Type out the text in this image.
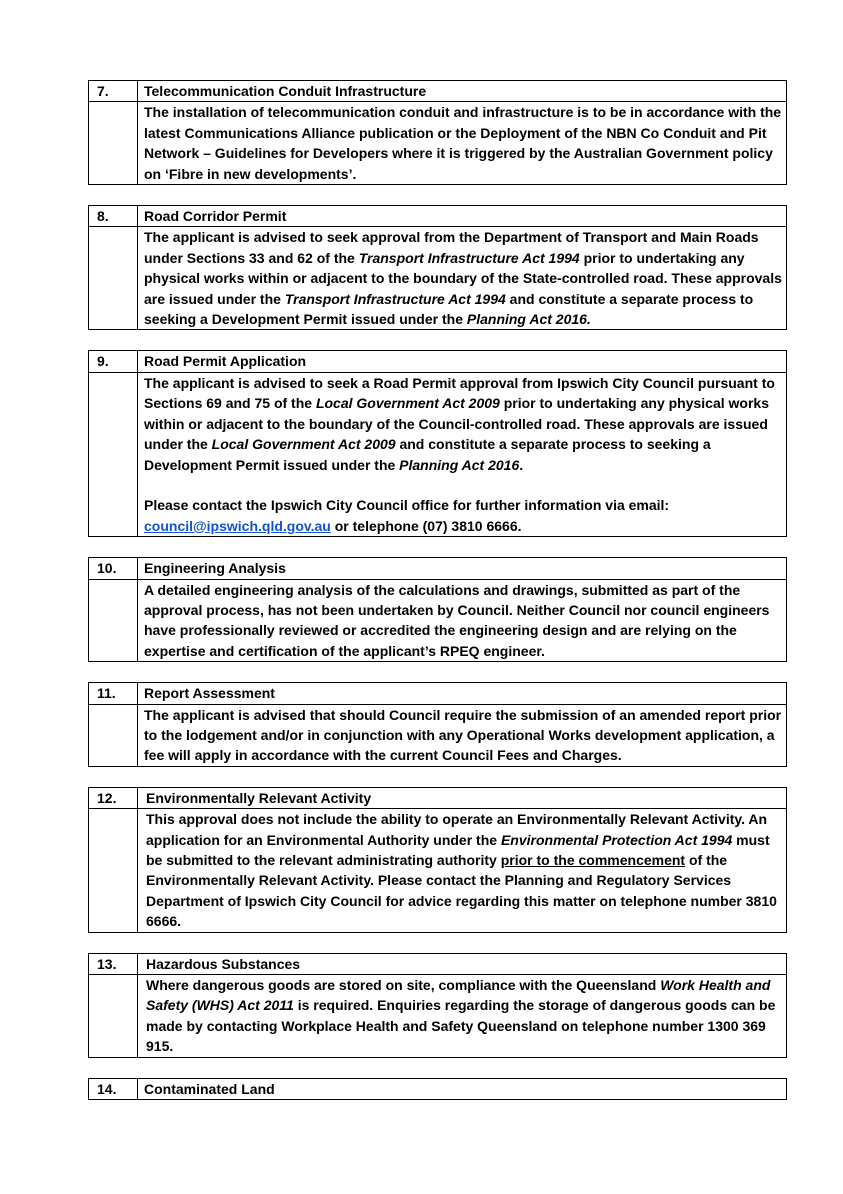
7.	Telecommunication Conduit Infrastructure

	The installation of telecommunication conduit and infrastructure is to be in accordance with the latest Communications Alliance publication or the Deployment of the NBN Co Conduit and Pit Network – Guidelines for Developers where it is triggered by the Australian Government policy on ‘Fibre in new developments’.

8.	Road Corridor Permit

	The applicant is advised to seek approval from the Department of Transport and Main Roads under Sections 33 and 62 of the Transport Infrastructure Act 1994 prior to undertaking any physical works within or adjacent to the boundary of the State-controlled road. These approvals are issued under the Transport Infrastructure Act 1994 and constitute a separate process to seeking a Development Permit issued under the Planning Act 2016.

9.	Road Permit Application

	The applicant is advised to seek a Road Permit approval from Ipswich City Council pursuant to Sections 69 and 75 of the Local Government Act 2009 prior to undertaking any physical works within or adjacent to the boundary of the Council-controlled road. These approvals are issued under the Local Government Act 2009 and constitute a separate process to seeking a Development Permit issued under the Planning Act 2016.

Please contact the Ipswich City Council office for further information via email: council@ipswich.qld.gov.au or telephone (07) 3810 6666.

10.	Engineering Analysis

	A detailed engineering analysis of the calculations and drawings, submitted as part of the approval process, has not been undertaken by Council. Neither Council nor council engineers have professionally reviewed or accredited the engineering design and are relying on the expertise and certification of the applicant’s RPEQ engineer.

11.	Report Assessment

	The applicant is advised that should Council require the submission of an amended report prior to the lodgement and/or in conjunction with any Operational Works development application, a fee will apply in accordance with the current Council Fees and Charges.

12.	Environmentally Relevant Activity

	This approval does not include the ability to operate an Environmentally Relevant Activity. An application for an Environmental Authority under the Environmental Protection Act 1994 must be submitted to the relevant administrating authority prior to the commencement of the Environmentally Relevant Activity. Please contact the Planning and Regulatory Services Department of Ipswich City Council for advice regarding this matter on telephone number 3810 6666.

13.	Hazardous Substances

	Where dangerous goods are stored on site, compliance with the Queensland Work Health and Safety (WHS) Act 2011 is required. Enquiries regarding the storage of dangerous goods can be made by contacting Workplace Health and Safety Queensland on telephone number 1300 369 915.

14.	Contaminated Land
